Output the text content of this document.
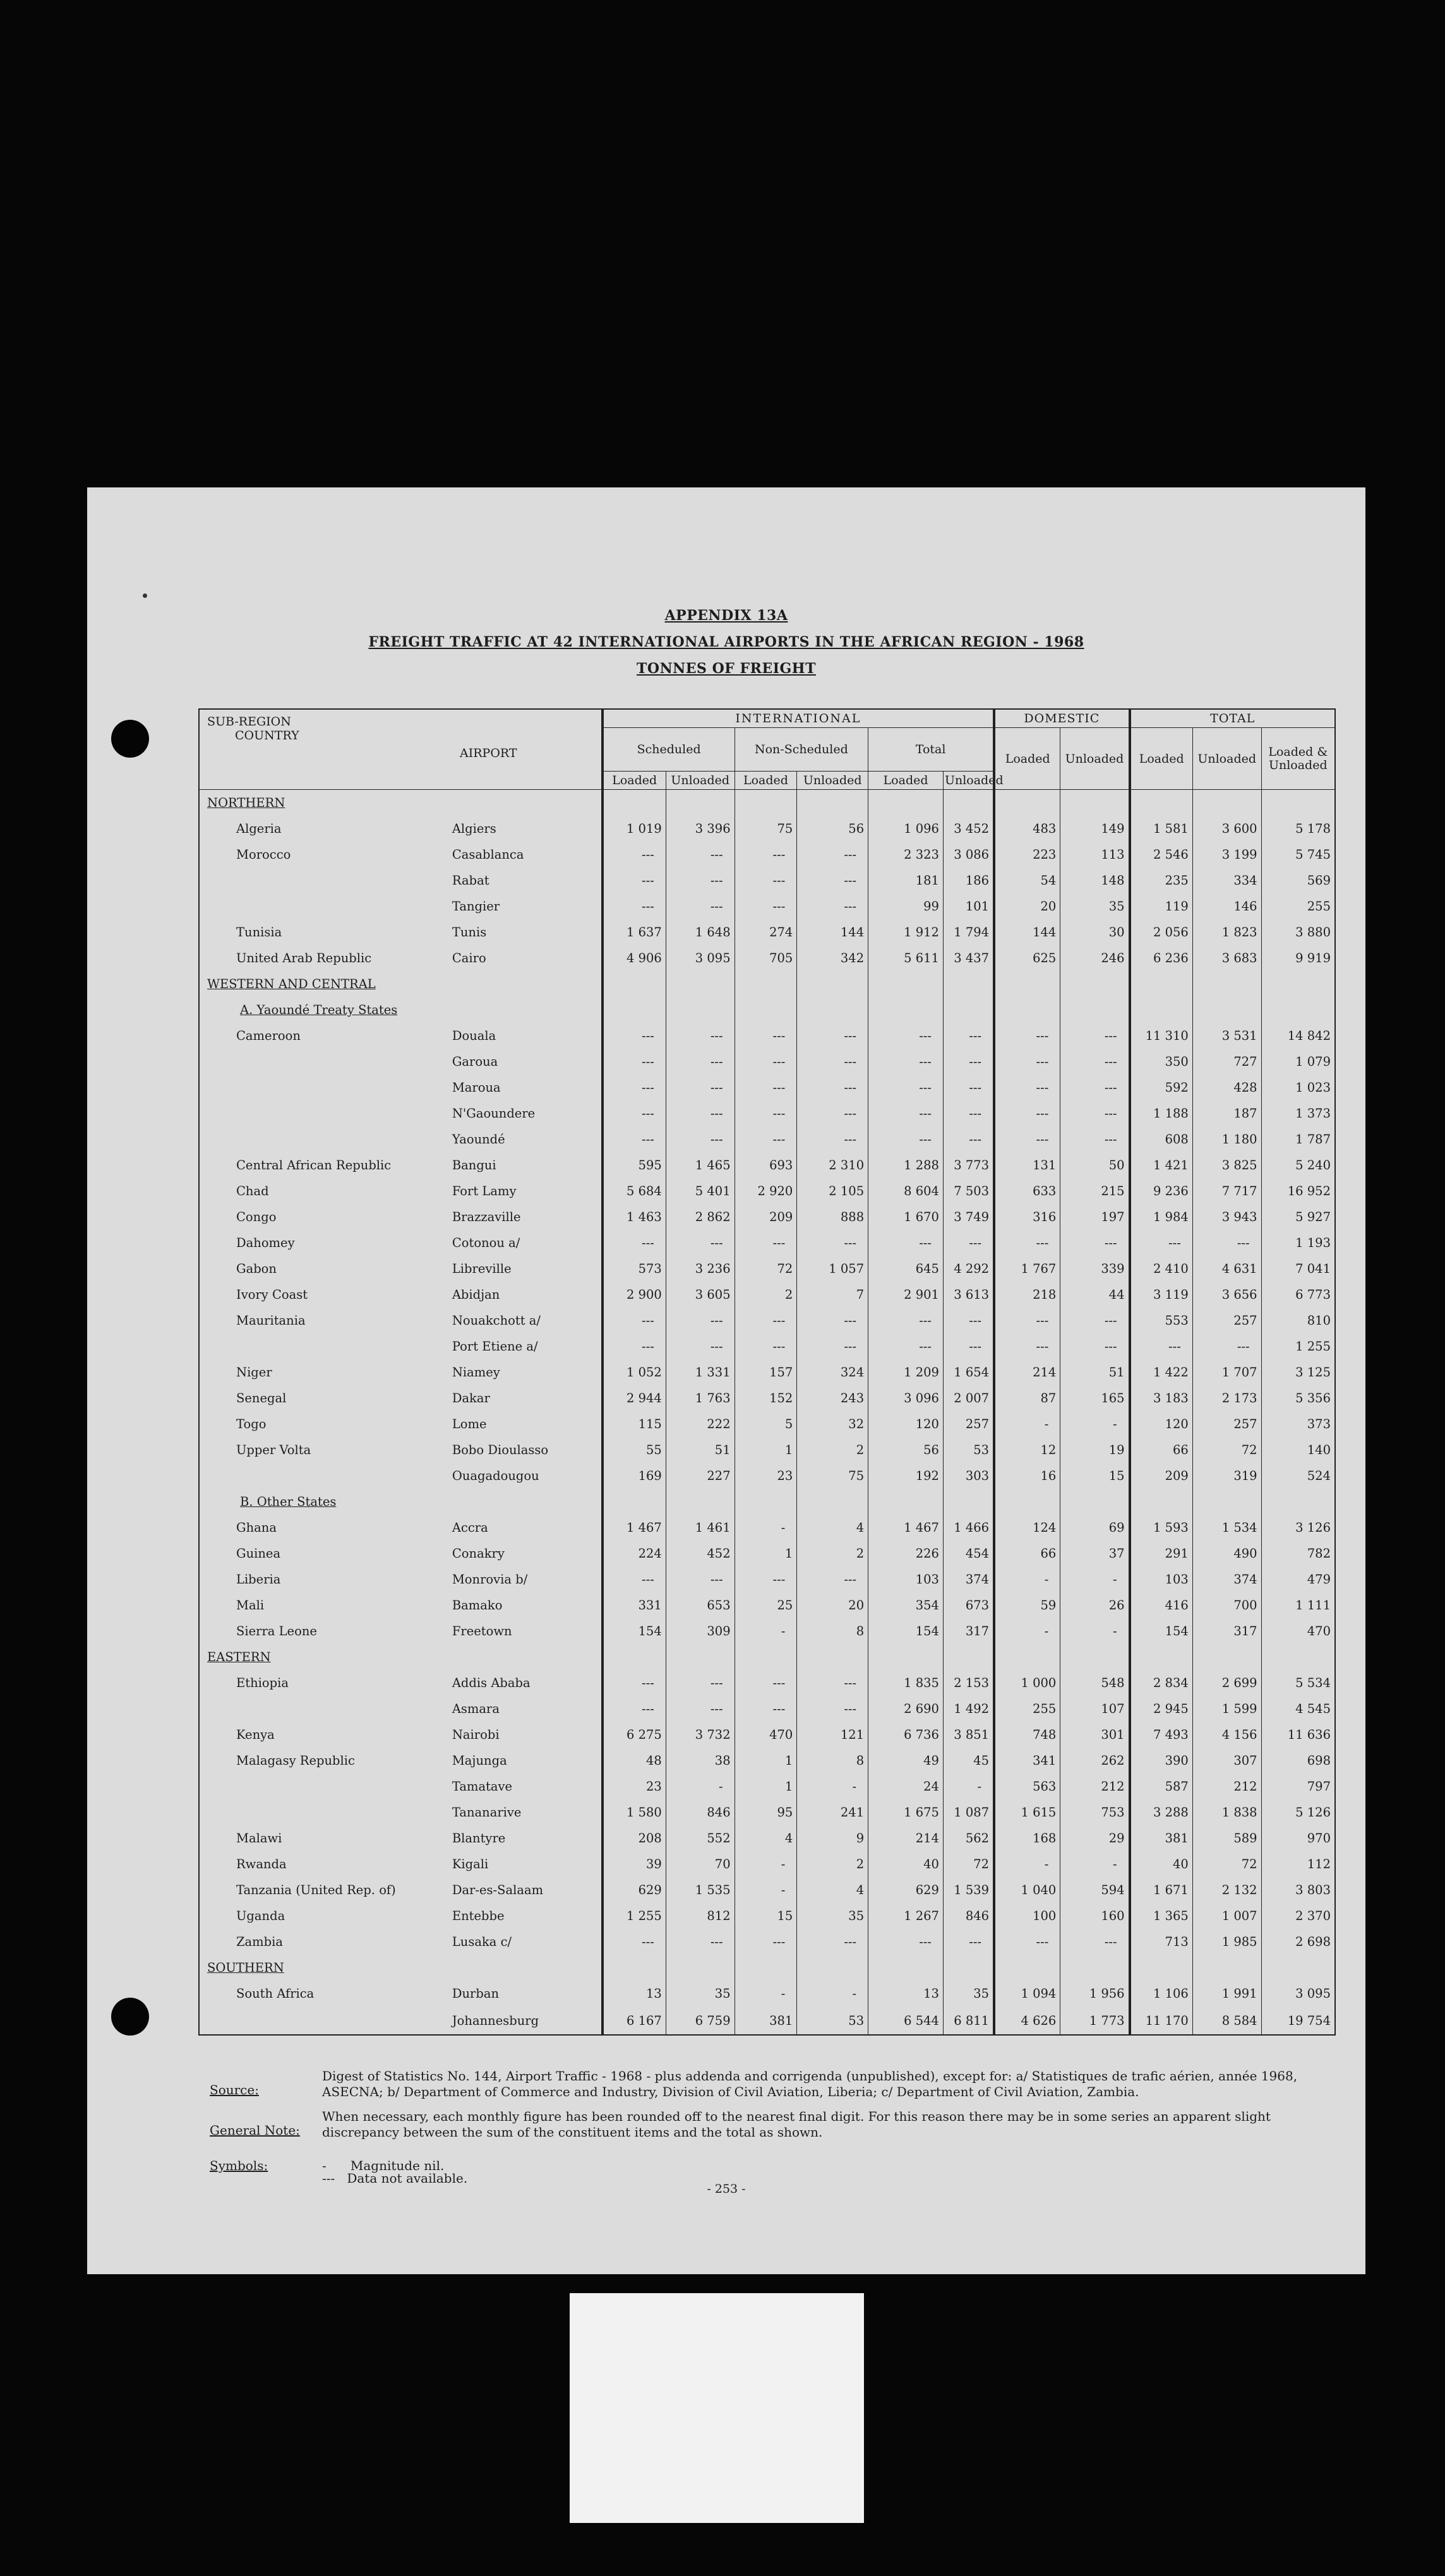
APPENDIX 13A
FREIGHT TRAFFIC AT 42 INTERNATIONAL AIRPORTS IN THE AFRICAN REGION - 1968
TONNES OF FREIGHT
SUB-REGION
COUNTRY
AIRPORT		INTERNATIONAL						DOMESTIC		TOTAL		
		Scheduled		Non-Scheduled		Total		Loaded	Unloaded	Loaded	Unloaded	Loaded & Unloaded
		Loaded	Unloaded	Loaded	Unloaded	Loaded	Unloaded					
NORTHERN												
Algeria	Algiers	1 019	3 396	75	56	1 096	3 452	483	149	1 581	3 600	5 178
Morocco	Casablanca	---	---	---	---	2 323	3 086	223	113	2 546	3 199	5 745
	Rabat	---	---	---	---	181	186	54	148	235	334	569
	Tangier	---	---	---	---	99	101	20	35	119	146	255
Tunisia	Tunis	1 637	1 648	274	144	1 912	1 794	144	30	2 056	1 823	3 880
United Arab Republic	Cairo	4 906	3 095	705	342	5 611	3 437	625	246	6 236	3 683	9 919
WESTERN AND CENTRAL												
A. Yaoundé Treaty States												
Cameroon	Douala	---	---	---	---	---	---	---	---	11 310	3 531	14 842
	Garoua	---	---	---	---	---	---	---	---	350	727	1 079
	Maroua	---	---	---	---	---	---	---	---	592	428	1 023
	N'Gaoundere	---	---	---	---	---	---	---	---	1 188	187	1 373
	Yaoundé	---	---	---	---	---	---	---	---	608	1 180	1 787
Central African Republic	Bangui	595	1 465	693	2 310	1 288	3 773	131	50	1 421	3 825	5 240
Chad	Fort Lamy	5 684	5 401	2 920	2 105	8 604	7 503	633	215	9 236	7 717	16 952
Congo	Brazzaville	1 463	2 862	209	888	1 670	3 749	316	197	1 984	3 943	5 927
Dahomey	Cotonou a/	---	---	---	---	---	---	---	---	---	---	1 193
Gabon	Libreville	573	3 236	72	1 057	645	4 292	1 767	339	2 410	4 631	7 041
Ivory Coast	Abidjan	2 900	3 605	2	7	2 901	3 613	218	44	3 119	3 656	6 773
Mauritania	Nouakchott a/	---	---	---	---	---	---	---	---	553	257	810
	Port Etiene a/	---	---	---	---	---	---	---	---	---	---	1 255
Niger	Niamey	1 052	1 331	157	324	1 209	1 654	214	51	1 422	1 707	3 125
Senegal	Dakar	2 944	1 763	152	243	3 096	2 007	87	165	3 183	2 173	5 356
Togo	Lome	115	222	5	32	120	257	-	-	120	257	373
Upper Volta	Bobo Dioulasso	55	51	1	2	56	53	12	19	66	72	140
	Ouagadougou	169	227	23	75	192	303	16	15	209	319	524
B. Other States												
Ghana	Accra	1 467	1 461	-	4	1 467	1 466	124	69	1 593	1 534	3 126
Guinea	Conakry	224	452	1	2	226	454	66	37	291	490	782
Liberia	Monrovia b/	---	---	---	---	103	374	-	-	103	374	479
Mali	Bamako	331	653	25	20	354	673	59	26	416	700	1 111
Sierra Leone	Freetown	154	309	-	8	154	317	-	-	154	317	470
EASTERN												
Ethiopia	Addis Ababa	---	---	---	---	1 835	2 153	1 000	548	2 834	2 699	5 534
	Asmara	---	---	---	---	2 690	1 492	255	107	2 945	1 599	4 545
Kenya	Nairobi	6 275	3 732	470	121	6 736	3 851	748	301	7 493	4 156	11 636
Malagasy Republic	Majunga	48	38	1	8	49	45	341	262	390	307	698
	Tamatave	23	-	1	-	24	-	563	212	587	212	797
	Tananarive	1 580	846	95	241	1 675	1 087	1 615	753	3 288	1 838	5 126
Malawi	Blantyre	208	552	4	9	214	562	168	29	381	589	970
Rwanda	Kigali	39	70	-	2	40	72	-	-	40	72	112
Tanzania (United Rep. of)	Dar-es-Salaam	629	1 535	-	4	629	1 539	1 040	594	1 671	2 132	3 803
Uganda	Entebbe	1 255	812	15	35	1 267	846	100	160	1 365	1 007	2 370
Zambia	Lusaka c/	---	---	---	---	---	---	---	---	713	1 985	2 698
SOUTHERN												
South Africa	Durban	13	35	-	-	13	35	1 094	1 956	1 106	1 991	3 095
	Johannesburg	6 167	6 759	381	53	6 544	6 811	4 626	1 773	11 170	8 584	19 754
Source:
Digest of Statistics No. 144, Airport Traffic - 1968 - plus addenda and corrigenda (unpublished), except for: a/ Statistiques de trafic aérien, année 1968, ASECNA; b/ Department of Commerce and Industry, Division of Civil Aviation, Liberia; c/ Department of Civil Aviation, Zambia.
General Note:
When necessary, each monthly figure has been rounded off to the nearest final digit. For this reason there may be in some series an apparent slight discrepancy between the sum of the constituent items and the total as shown.
Symbols:	-      Magnitude nil.
---   Data not available.
- 253 -
